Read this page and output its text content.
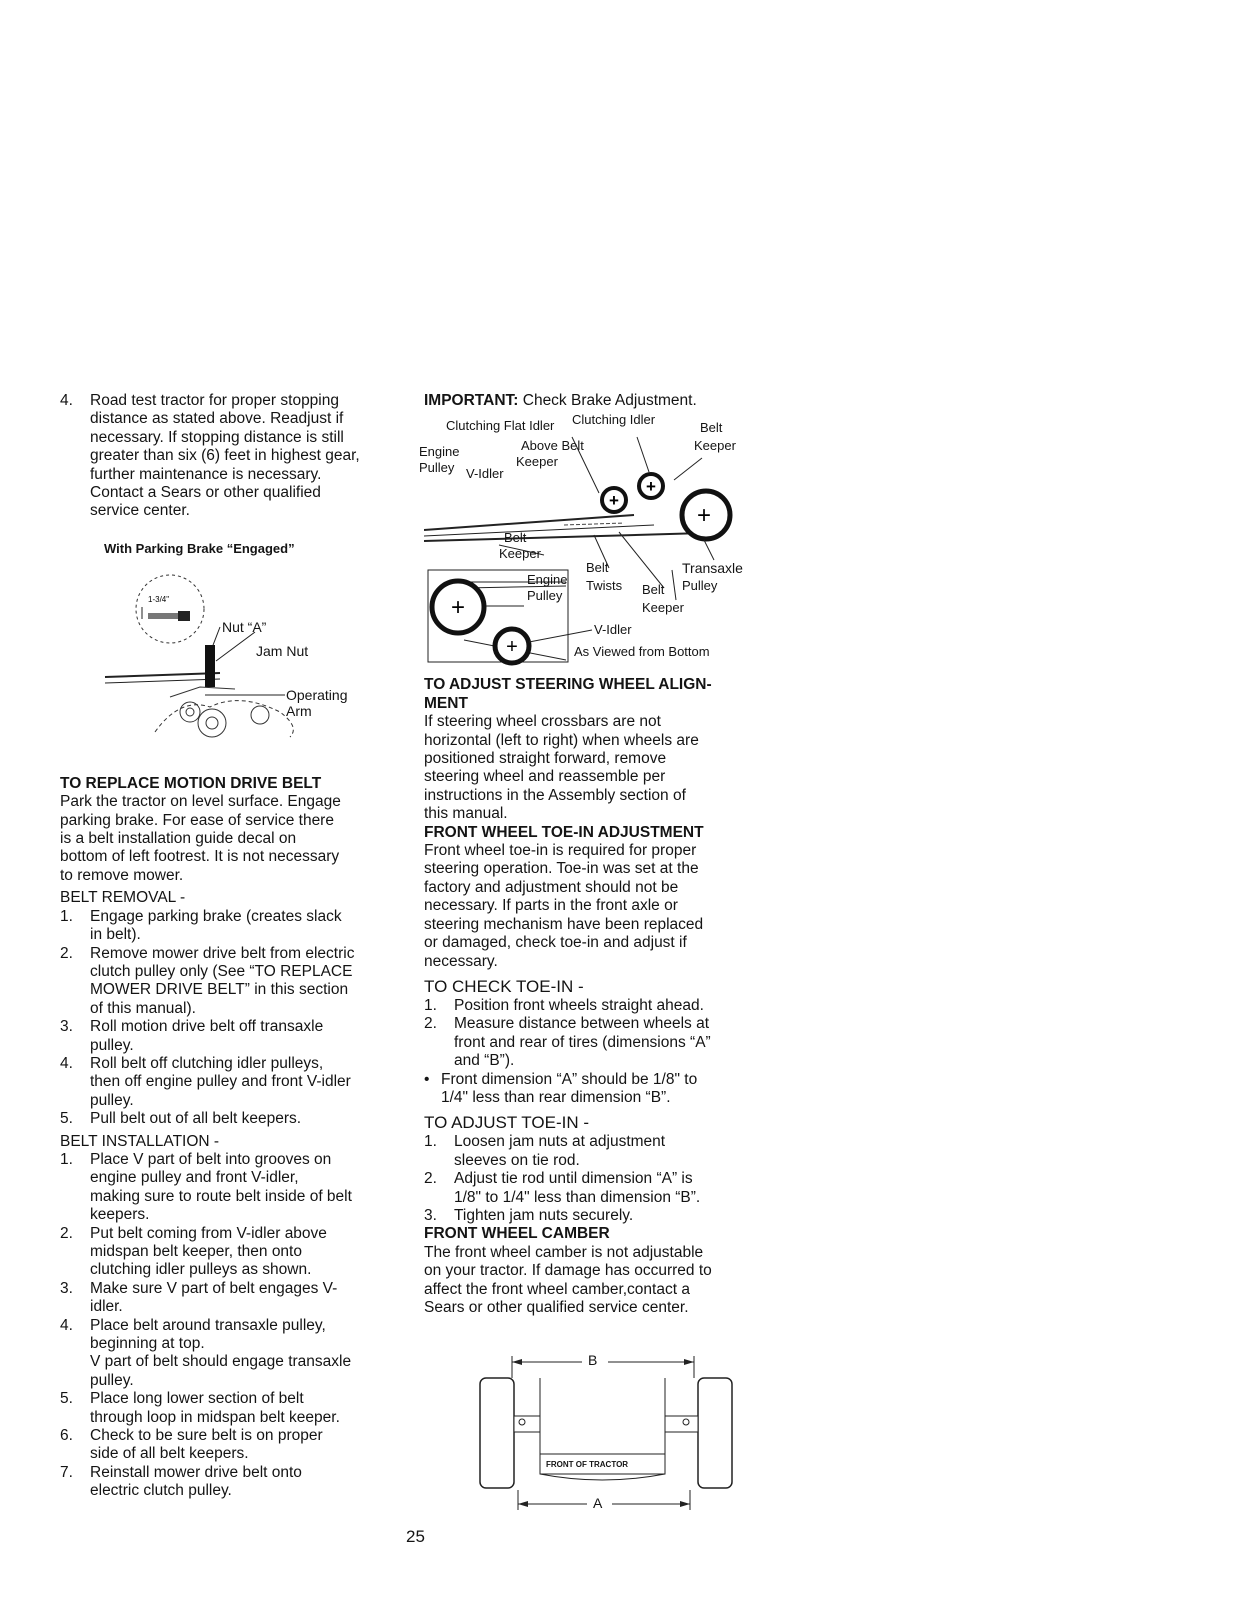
4. Road test tractor for proper stopping
distance as stated above. Readjust if
necessary. If stopping distance is still
greater than six (6) feet in highest gear,
further maintenance is necessary.
Contact a Sears or other qualified
service center.
With Parking Brake “Engaged”
1-3/4"
Nut “A”
Jam Nut
Operating
Arm
TO REPLACE MOTION DRIVE BELT
Park the tractor on level surface. Engage
parking brake. For ease of service there
is a belt installation guide decal on
bottom of left footrest. It is not necessary
to remove mower.
BELT REMOVAL -
1. Engage parking brake (creates slack
in belt).
2. Remove mower drive belt from electric
clutch pulley only (See “TO REPLACE
MOWER DRIVE BELT” in this section
of this manual).
3. Roll motion drive belt off transaxle
pulley.
4. Roll belt off clutching idler pulleys,
then off engine pulley and front V-idler
pulley.
5. Pull belt out of all belt keepers.
BELT INSTALLATION -
1. Place V part of belt into grooves on
engine pulley and front V-idler,
making sure to route belt inside of belt
keepers.
2. Put belt coming from V-idler above
midspan belt keeper, then onto
clutching idler pulleys as shown.
3. Make sure V part of belt engages V-
idler.
4. Place belt around transaxle pulley,
beginning at top.
V part of belt should engage transaxle
pulley.
5. Place long lower section of belt
through loop in midspan belt keeper.
6. Check to be sure belt is on proper
side of all belt keepers.
7. Reinstall mower drive belt onto
electric clutch pulley.
IMPORTANT: Check Brake Adjustment.
+
+
+
+
+
Clutching Flat Idler Clutching Idler
Belt
Keeper
Engine
Pulley
Above Belt
Keeper
V-Idler
Belt
Keeper
Belt
Twists Belt
Keeper
Transaxle
Pulley
Engine
Pulley
V-Idler
As Viewed from Bottom
TO ADJUST STEERING WHEEL ALIGN-
MENT
If steering wheel crossbars are not
horizontal (left to right) when wheels are
positioned straight forward, remove
steering wheel and reassemble per
instructions in the Assembly section of
this manual.
FRONT WHEEL TOE-IN ADJUSTMENT
Front wheel toe-in is required for proper
steering operation. Toe-in was set at the
factory and adjustment should not be
necessary. If parts in the front axle or
steering mechanism have been replaced
or damaged, check toe-in and adjust if
necessary.
TO CHECK TOE-IN -
1. Position front wheels straight ahead.
2. Measure distance between wheels at
front and rear of tires (dimensions “A”
and “B”).
• Front dimension “A” should be 1/8" to
1/4" less than rear dimension “B”.
TO ADJUST TOE-IN -
1. Loosen jam nuts at adjustment
sleeves on tie rod.
2. Adjust tie rod until dimension “A” is
1/8" to 1/4" less than dimension “B”.
3. Tighten jam nuts securely.
FRONT WHEEL CAMBER
The front wheel camber is not adjustable
on your tractor. If damage has occurred to
affect the front wheel camber,contact a
Sears or other qualified service center.
B
A
FRONT OF TRACTOR
25
